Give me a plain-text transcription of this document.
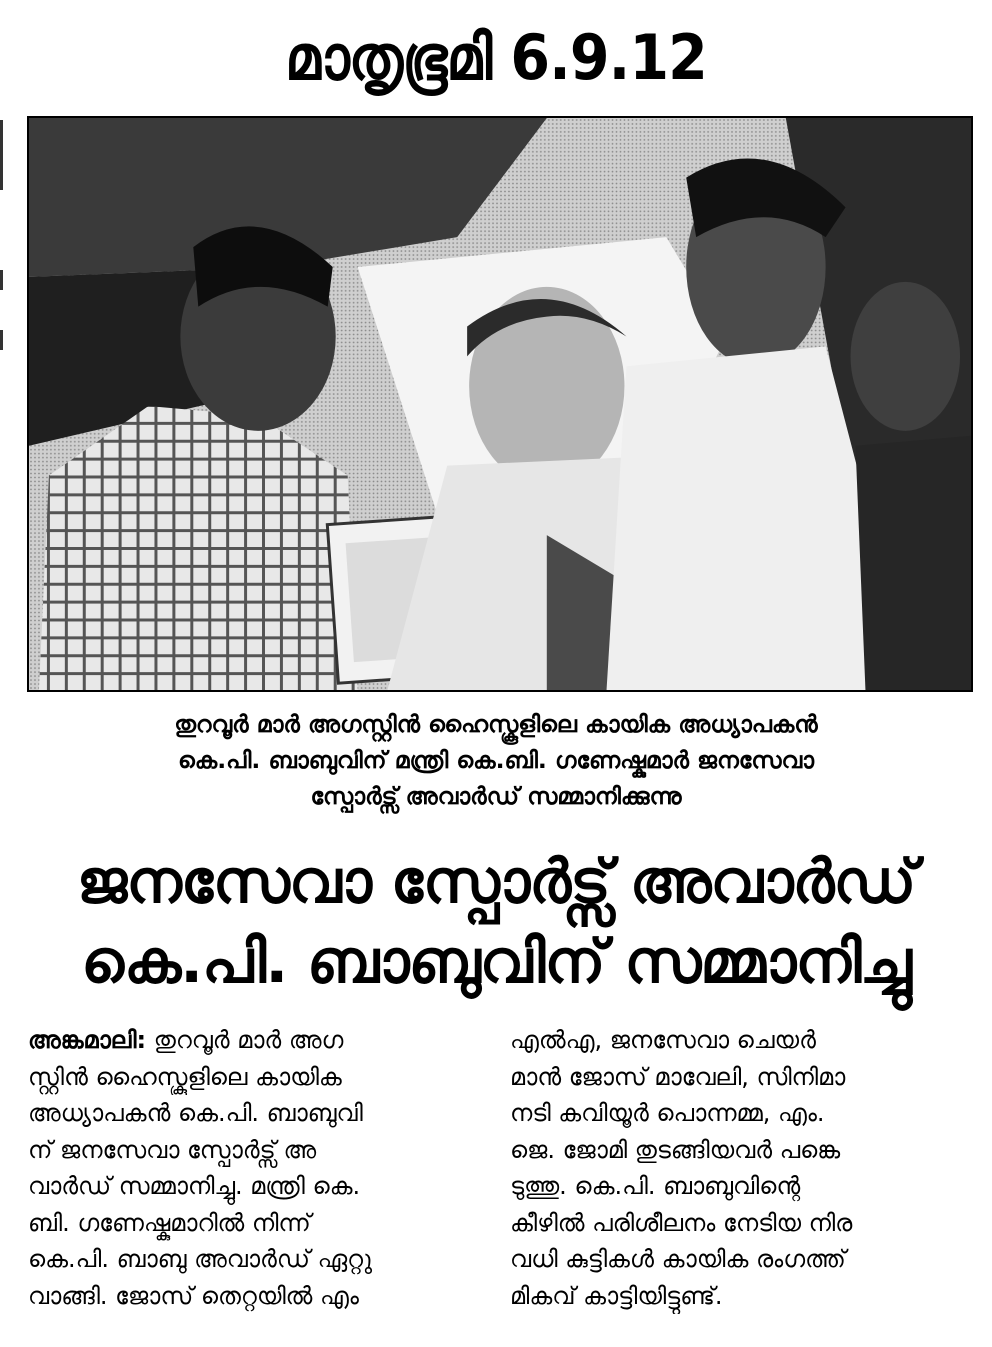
മാതൃഭൂമി 6.9.12
തുറവൂർ മാർ അഗസ്റ്റിൻ ഹൈസ്കൂളിലെ കായിക അധ്യാപകൻ
കെ.പി. ബാബുവിന് മന്ത്രി കെ.ബി. ഗണേഷ്കുമാർ ജനസേവാ
സ്പോർട്സ് അവാർഡ് സമ്മാനിക്കുന്നു
ജനസേവാ സ്പോർട്സ് അവാർഡ്
കെ.പി. ബാബുവിന് സമ്മാനിച്ചു
അങ്കമാലി: തുറവൂർ മാർ അഗ
സ്റ്റിൻ ഹൈസ്കൂളിലെ കായിക
അധ്യാപകൻ കെ.പി. ബാബുവി
ന് ജനസേവാ സ്പോർട്സ് അ
വാർഡ് സമ്മാനിച്ചു. മന്ത്രി കെ.
ബി. ഗണേഷ്കുമാറിൽ നിന്ന്
കെ.പി. ബാബു അവാർഡ് ഏറ്റു
വാങ്ങി. ജോസ് തെറ്റയിൽ എം
എൽഎ, ജനസേവാ ചെയർ
മാൻ ജോസ് മാവേലി, സിനിമാ
നടി കവിയൂർ പൊന്നമ്മ, എം.
ജെ. ജോമി തുടങ്ങിയവർ പങ്കെ
ടുത്തു. കെ.പി. ബാബുവിന്റെ
കീഴിൽ പരിശീലനം നേടിയ നിര
വധി കുട്ടികൾ കായിക രംഗത്ത്
മികവ് കാട്ടിയിട്ടുണ്ട്.
